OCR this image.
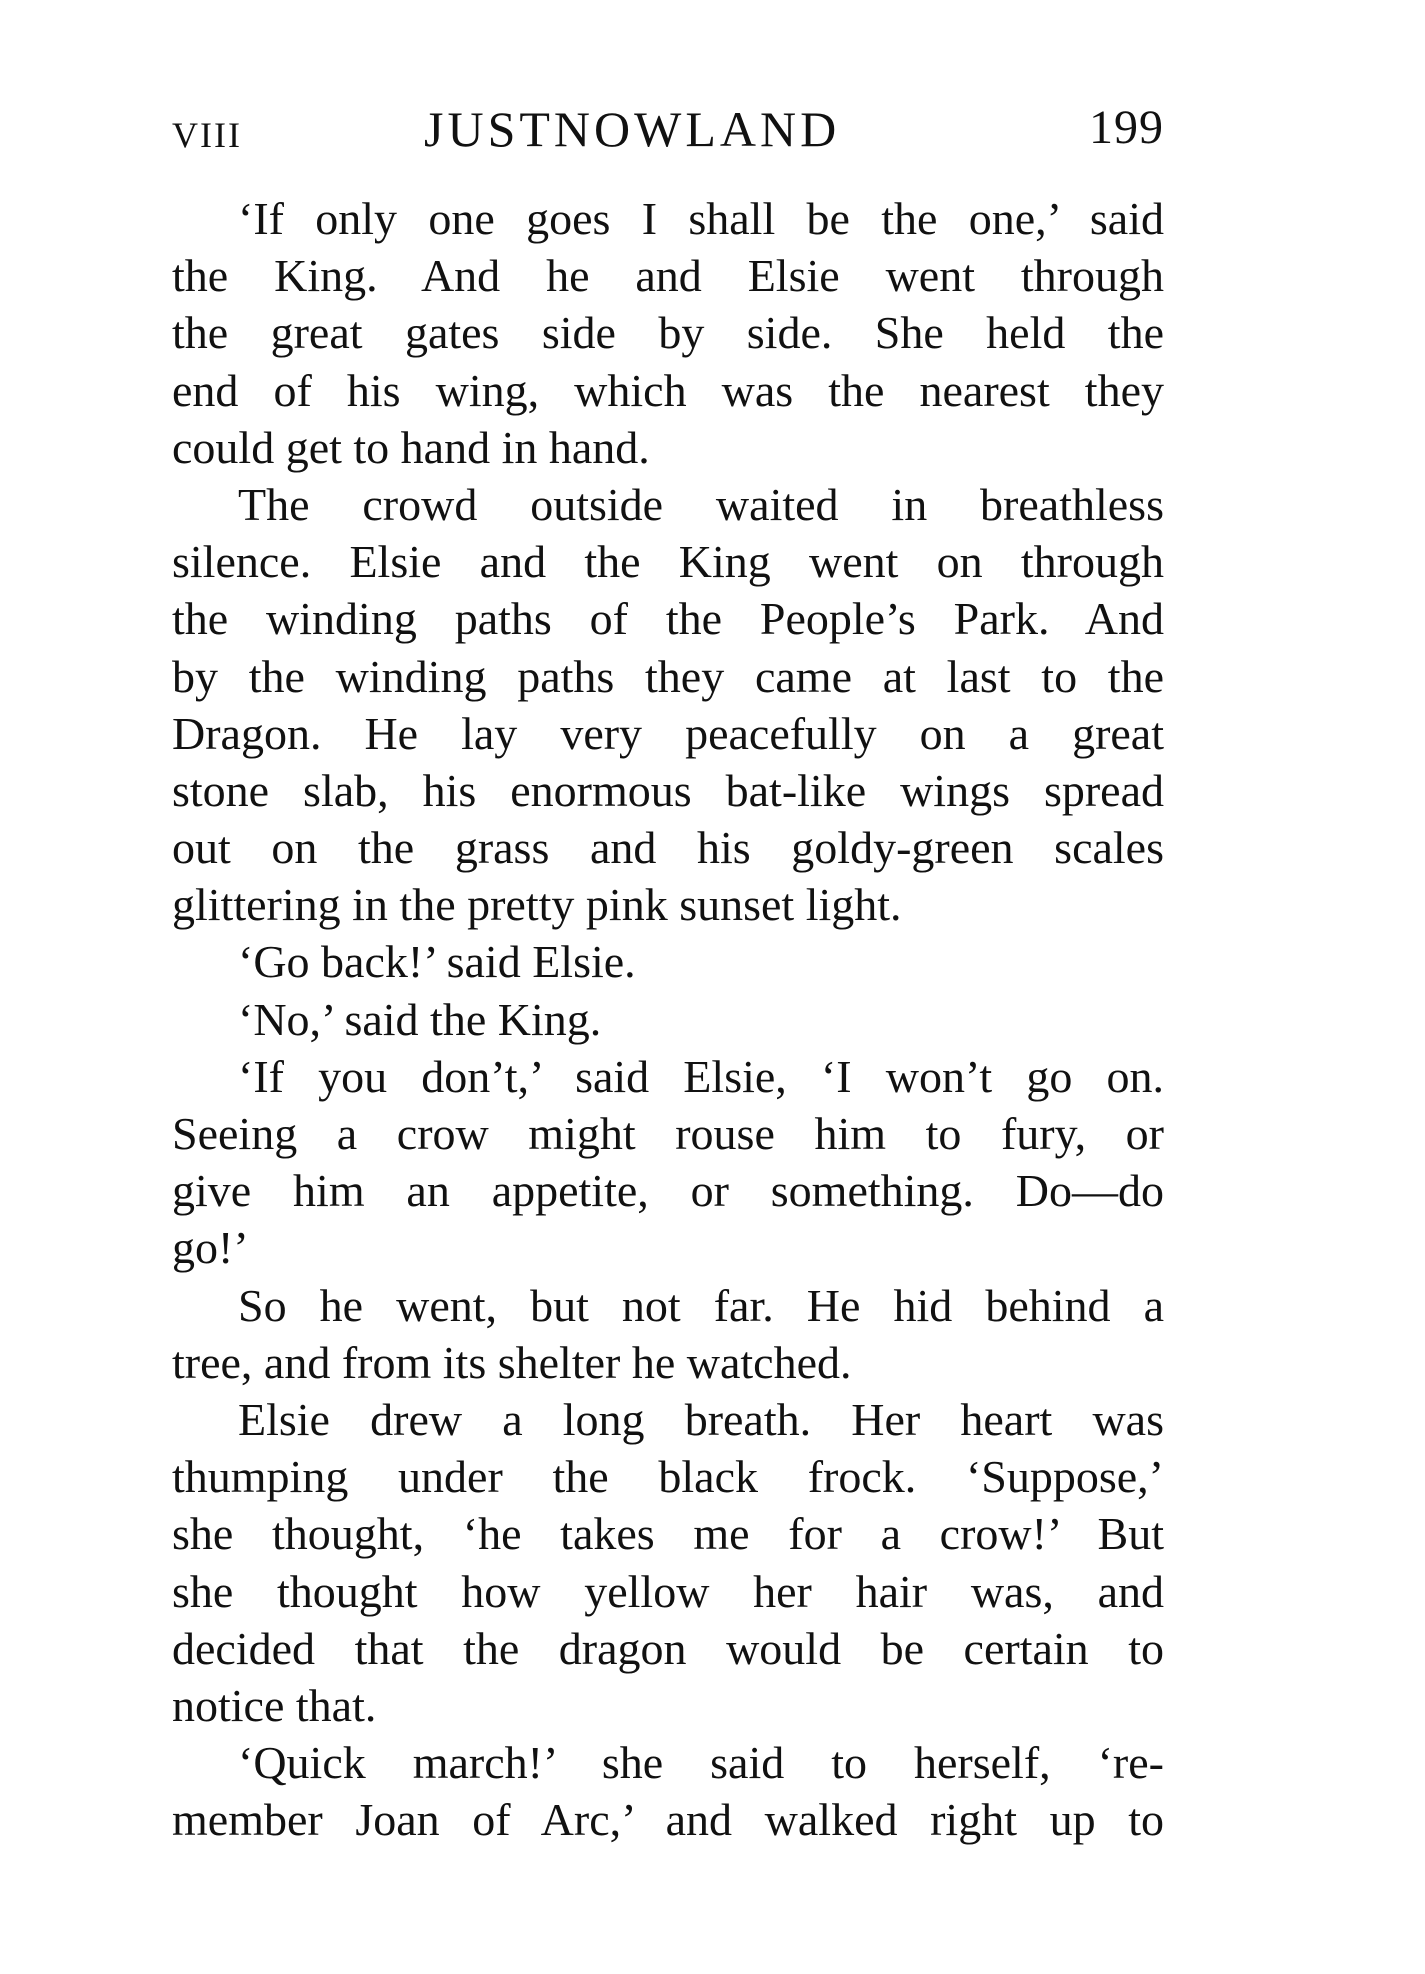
VIII	JUSTNOWLAND	199
‘If only one goes I shall be the one,’ said
the King. And he and Elsie went through
the great gates side by side. She held the
end of his wing, which was the nearest they
could get to hand in hand.
The crowd outside waited in breathless
silence. Elsie and the King went on through
the winding paths of the People’s Park. And
by the winding paths they came at last to the
Dragon. He lay very peacefully on a great
stone slab, his enormous bat-like wings spread
out on the grass and his goldy-green scales
glittering in the pretty pink sunset light.
‘Go back!’ said Elsie.
‘No,’ said the King.
‘If you don’t,’ said Elsie, ‘I won’t go on.
Seeing a crow might rouse him to fury, or
give him an appetite, or something. Do—do
go!’
So he went, but not far. He hid behind a
tree, and from its shelter he watched.
Elsie drew a long breath. Her heart was
thumping under the black frock. ‘Suppose,’
she thought, ‘he takes me for a crow!’ But
she thought how yellow her hair was, and
decided that the dragon would be certain to
notice that.
‘Quick march!’ she said to herself, ‘re-
member Joan of Arc,’ and walked right up to
